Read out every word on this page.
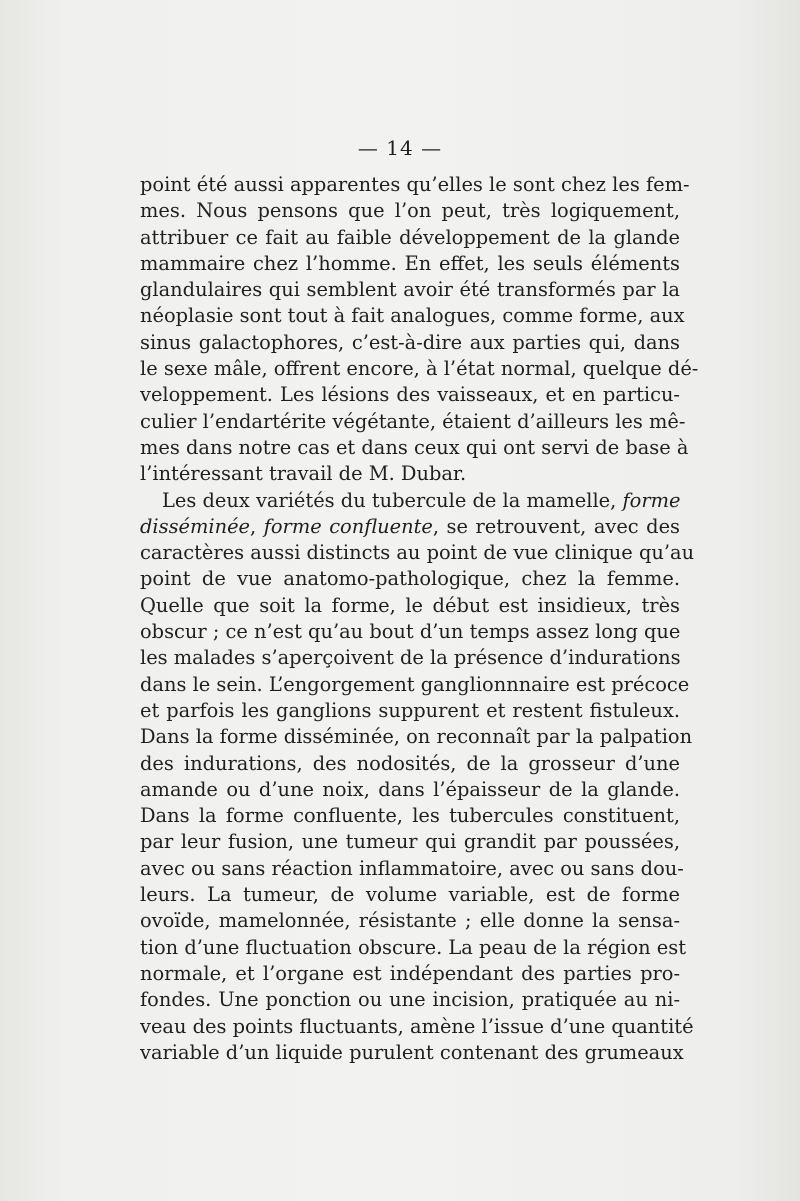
— 14 —
point été aussi apparentes qu’elles le sont chez les fem-
mes. Nous pensons que l’on peut, très logiquement,
attribuer ce fait au faible développement de la glande
mammaire chez l’homme. En effet, les seuls éléments
glandulaires qui semblent avoir été transformés par la
néoplasie sont tout à fait analogues, comme forme, aux
sinus galactophores, c’est-à-dire aux parties qui, dans
le sexe mâle, offrent encore, à l’état normal, quelque dé-
veloppement. Les lésions des vaisseaux, et en particu-
culier l’endartérite végétante, étaient d’ailleurs les mê-
mes dans notre cas et dans ceux qui ont servi de base à
l’intéressant travail de M. Dubar.
Les deux variétés du tubercule de la mamelle, forme
disséminée, forme confluente, se retrouvent, avec des
caractères aussi distincts au point de vue clinique qu’au
point de vue anatomo-pathologique, chez la femme.
Quelle que soit la forme, le début est insidieux, très
obscur ; ce n’est qu’au bout d’un temps assez long que
les malades s’aperçoivent de la présence d’indurations
dans le sein. L’engorgement ganglionnnaire est précoce
et parfois les ganglions suppurent et restent fistuleux.
Dans la forme disséminée, on reconnaît par la palpation
des indurations, des nodosités, de la grosseur d’une
amande ou d’une noix, dans l’épaisseur de la glande.
Dans la forme confluente, les tubercules constituent,
par leur fusion, une tumeur qui grandit par poussées,
avec ou sans réaction inflammatoire, avec ou sans dou-
leurs. La tumeur, de volume variable, est de forme
ovoïde, mamelonnée, résistante ; elle donne la sensa-
tion d’une fluctuation obscure. La peau de la région est
normale, et l’organe est indépendant des parties pro-
fondes. Une ponction ou une incision, pratiquée au ni-
veau des points fluctuants, amène l’issue d’une quantité
variable d’un liquide purulent contenant des grumeaux
